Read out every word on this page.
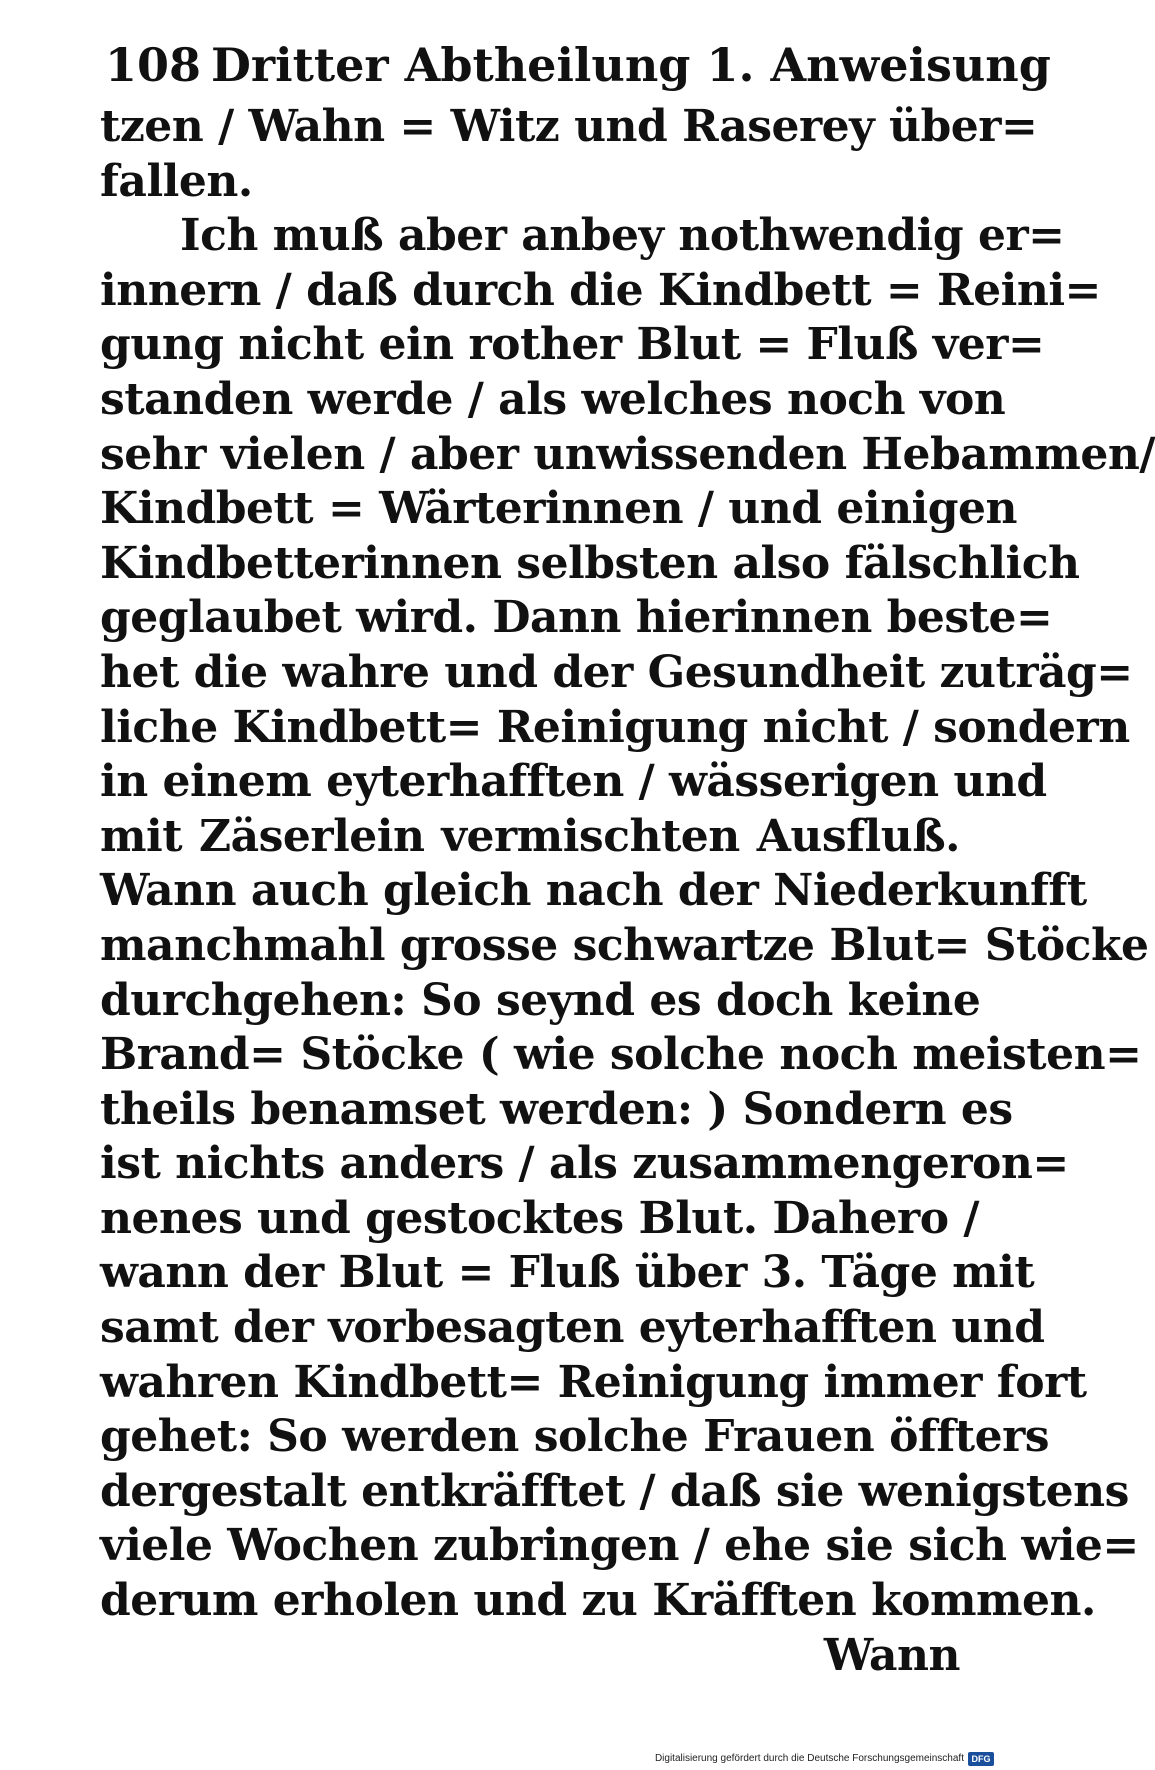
108 Dritter Abtheilung 1. Anweisung
tzen / Wahn = Witz und Raserey über=
fallen.
Ich muß aber anbey nothwendig er=
innern / daß durch die Kindbett = Reini=
gung nicht ein rother Blut = Fluß ver=
standen werde / als welches noch von
sehr vielen / aber unwissenden Hebammen/
Kindbett = Wärterinnen / und einigen
Kindbetterinnen selbsten also fälschlich
geglaubet wird. Dann hierinnen beste=
het die wahre und der Gesundheit zuträg=
liche Kindbett= Reinigung nicht / sondern
in einem eyterhafften / wässerigen und
mit Zäserlein vermischten Ausfluß.
Wann auch gleich nach der Niederkunfft
manchmahl grosse schwartze Blut= Stöcke
durchgehen: So seynd es doch keine
Brand= Stöcke ( wie solche noch meisten=
theils benamset werden: ) Sondern es
ist nichts anders / als zusammengeron=
nenes und gestocktes Blut. Dahero /
wann der Blut = Fluß über 3. Täge mit
samt der vorbesagten eyterhafften und
wahren Kindbett= Reinigung immer fort
gehet: So werden solche Frauen öffters
dergestalt entkräfftet / daß sie wenigstens
viele Wochen zubringen / ehe sie sich wie=
derum erholen und zu Kräfften kommen.
Wann
Digitalisierung gefördert durch die Deutsche Forschungsgemeinschaft DFG
